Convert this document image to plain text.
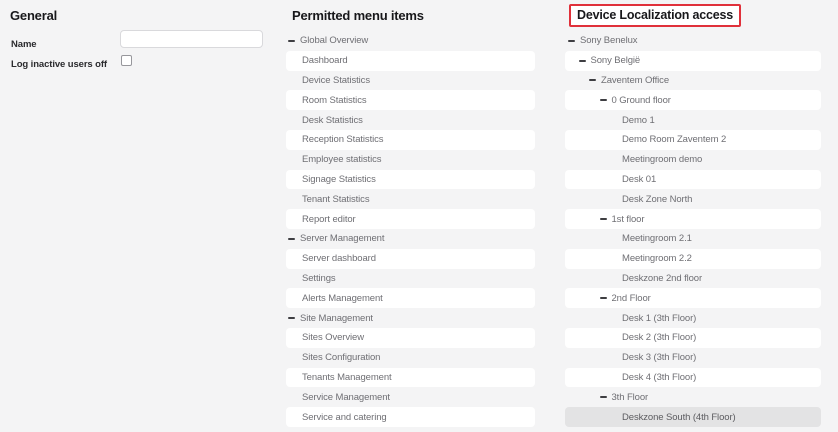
General
Name
Log inactive users off
Permitted menu items
Global Overview
Dashboard
Device Statistics
Room Statistics
Desk Statistics
Reception Statistics
Employee statistics
Signage Statistics
Tenant Statistics
Report editor
Server Management
Server dashboard
Settings
Alerts Management
Site Management
Sites Overview
Sites Configuration
Tenants Management
Service Management
Service and catering
Device Localization access
Sony Benelux
Sony België
Zaventem Office
0 Ground floor
Demo 1
Demo Room Zaventem 2
Meetingroom demo
Desk 01
Desk Zone North
1st floor
Meetingroom 2.1
Meetingroom 2.2
Deskzone 2nd floor
2nd Floor
Desk 1 (3th Floor)
Desk 2 (3th Floor)
Desk 3 (3th Floor)
Desk 4 (3th Floor)
3th Floor
Deskzone South (4th Floor)
